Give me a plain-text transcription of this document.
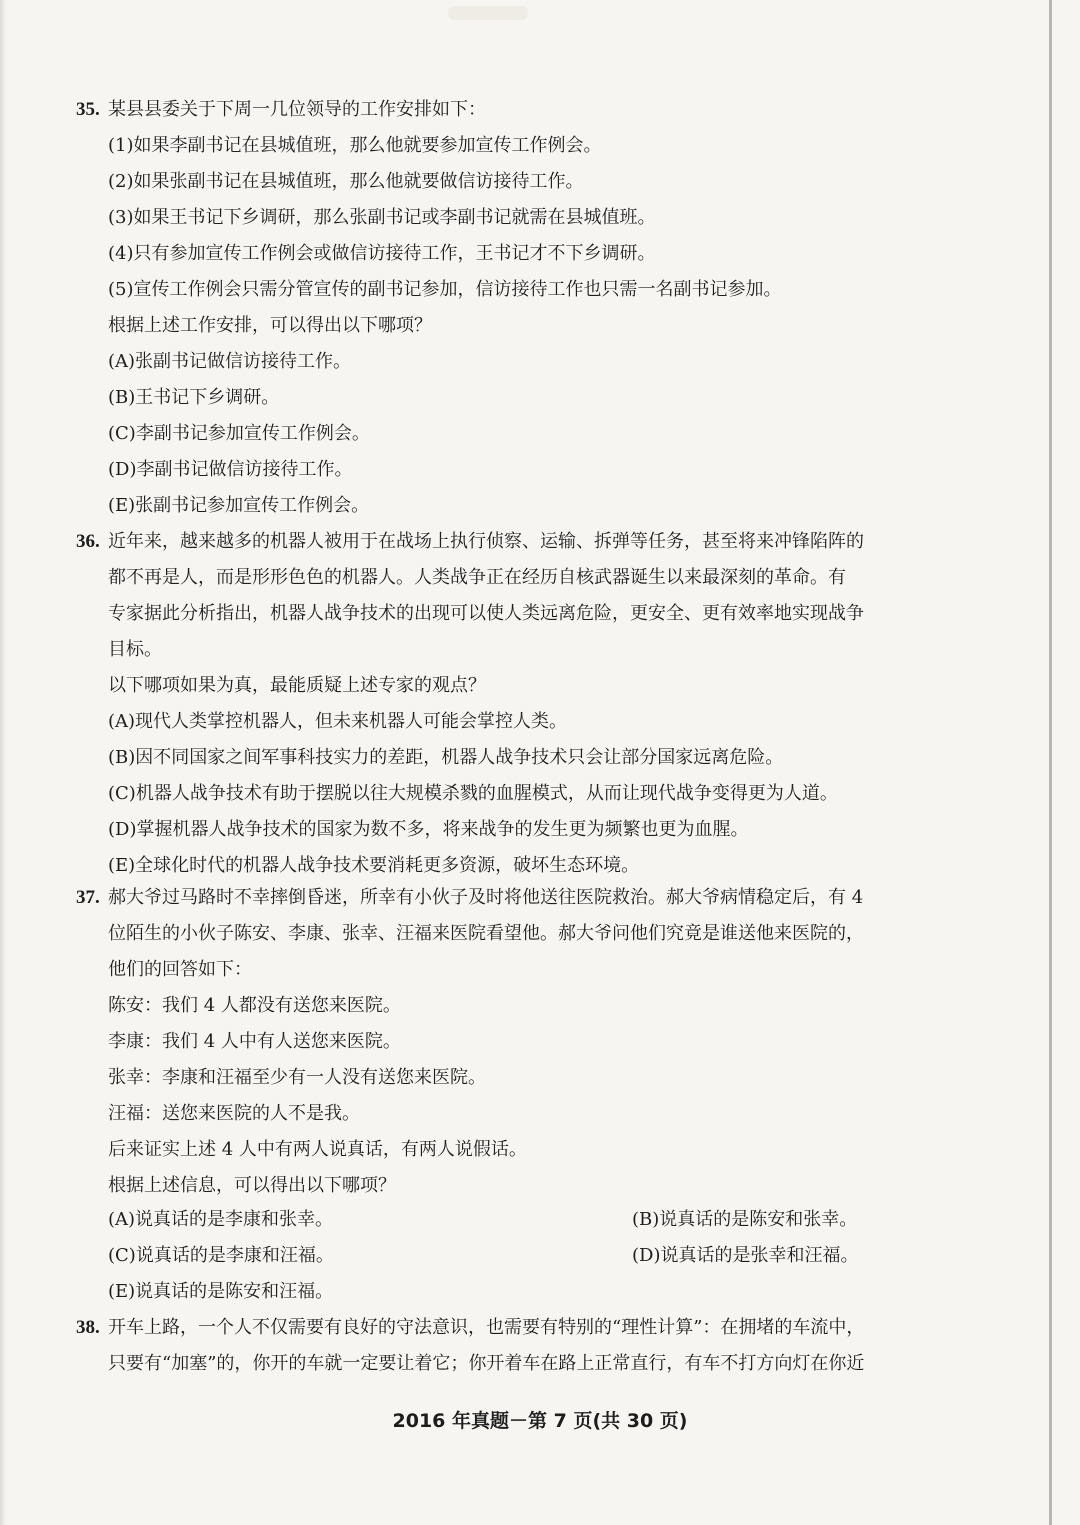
35. 某县县委关于下周一几位领导的工作安排如下：
(1)如果李副书记在县城值班，那么他就要参加宣传工作例会。
(2)如果张副书记在县城值班，那么他就要做信访接待工作。
(3)如果王书记下乡调研，那么张副书记或李副书记就需在县城值班。
(4)只有参加宣传工作例会或做信访接待工作，王书记才不下乡调研。
(5)宣传工作例会只需分管宣传的副书记参加，信访接待工作也只需一名副书记参加。
根据上述工作安排，可以得出以下哪项？
(A)张副书记做信访接待工作。
(B)王书记下乡调研。
(C)李副书记参加宣传工作例会。
(D)李副书记做信访接待工作。
(E)张副书记参加宣传工作例会。
36. 近年来，越来越多的机器人被用于在战场上执行侦察、运输、拆弹等任务，甚至将来冲锋陷阵的
都不再是人，而是形形色色的机器人。人类战争正在经历自核武器诞生以来最深刻的革命。有
专家据此分析指出，机器人战争技术的出现可以使人类远离危险，更安全、更有效率地实现战争
目标。
以下哪项如果为真，最能质疑上述专家的观点？
(A)现代人类掌控机器人，但未来机器人可能会掌控人类。
(B)因不同国家之间军事科技实力的差距，机器人战争技术只会让部分国家远离危险。
(C)机器人战争技术有助于摆脱以往大规模杀戮的血腥模式，从而让现代战争变得更为人道。
(D)掌握机器人战争技术的国家为数不多，将来战争的发生更为频繁也更为血腥。
(E)全球化时代的机器人战争技术要消耗更多资源，破坏生态环境。
37. 郝大爷过马路时不幸摔倒昏迷，所幸有小伙子及时将他送往医院救治。郝大爷病情稳定后，有 4
位陌生的小伙子陈安、李康、张幸、汪福来医院看望他。郝大爷问他们究竟是谁送他来医院的，
他们的回答如下：
陈安：我们 4 人都没有送您来医院。
李康：我们 4 人中有人送您来医院。
张幸：李康和汪福至少有一人没有送您来医院。
汪福：送您来医院的人不是我。
后来证实上述 4 人中有两人说真话，有两人说假话。
根据上述信息，可以得出以下哪项？
(A)说真话的是李康和张幸。	(B)说真话的是陈安和张幸。
(C)说真话的是李康和汪福。	(D)说真话的是张幸和汪福。
(E)说真话的是陈安和汪福。
38. 开车上路，一个人不仅需要有良好的守法意识，也需要有特别的“理性计算”：在拥堵的车流中，
只要有“加塞”的，你开的车就一定要让着它；你开着车在路上正常直行，有车不打方向灯在你近
2016 年真题－第 7 页(共 30 页)
